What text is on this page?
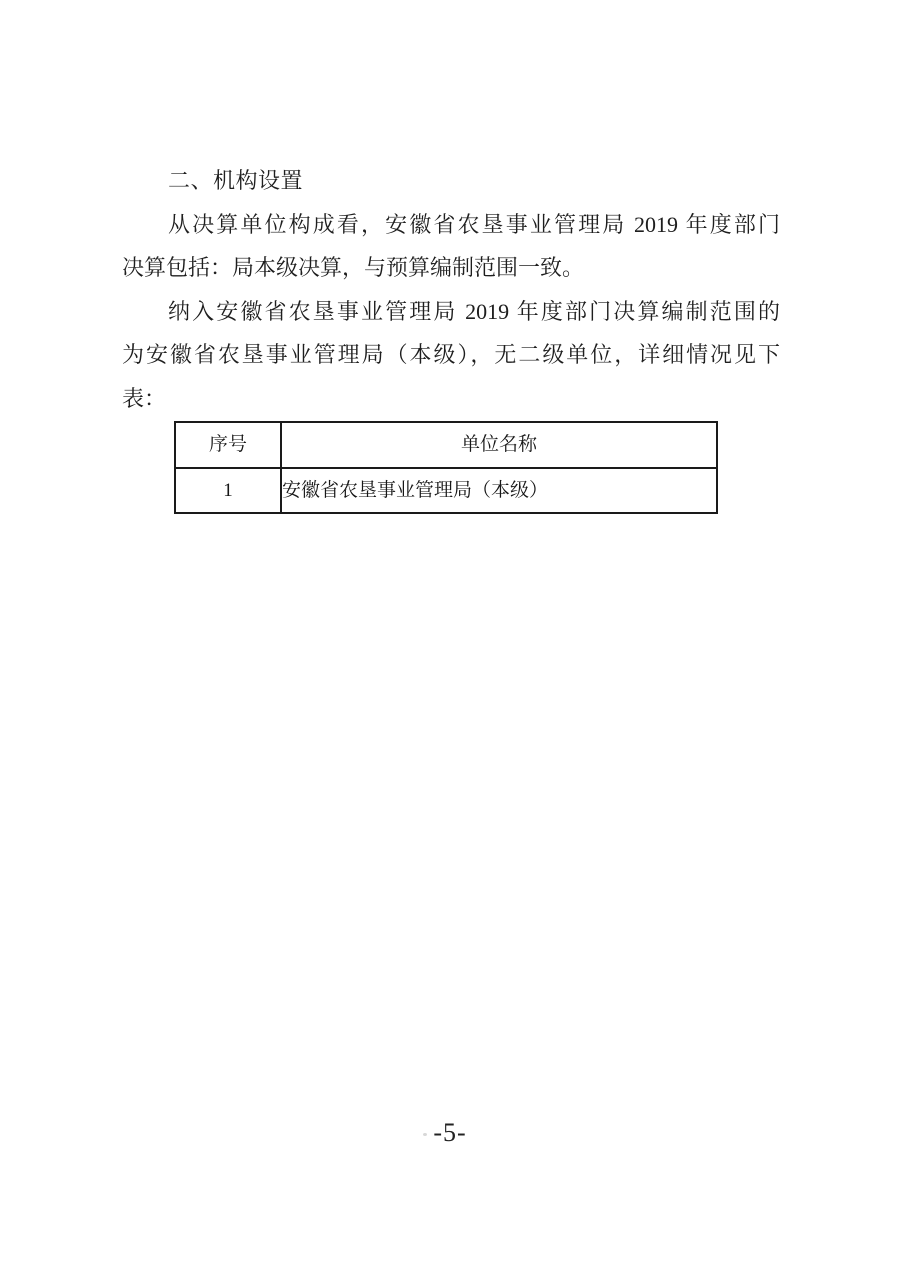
二、机构设置
从决算单位构成看，安徽省农垦事业管理局 2019 年度部门
决算包括：局本级决算，与预算编制范围一致。
纳入安徽省农垦事业管理局 2019 年度部门决算编制范围的
为安徽省农垦事业管理局（本级），无二级单位，详细情况见下
表：
序号	单位名称
1	安徽省农垦事业管理局（本级）
-5-
